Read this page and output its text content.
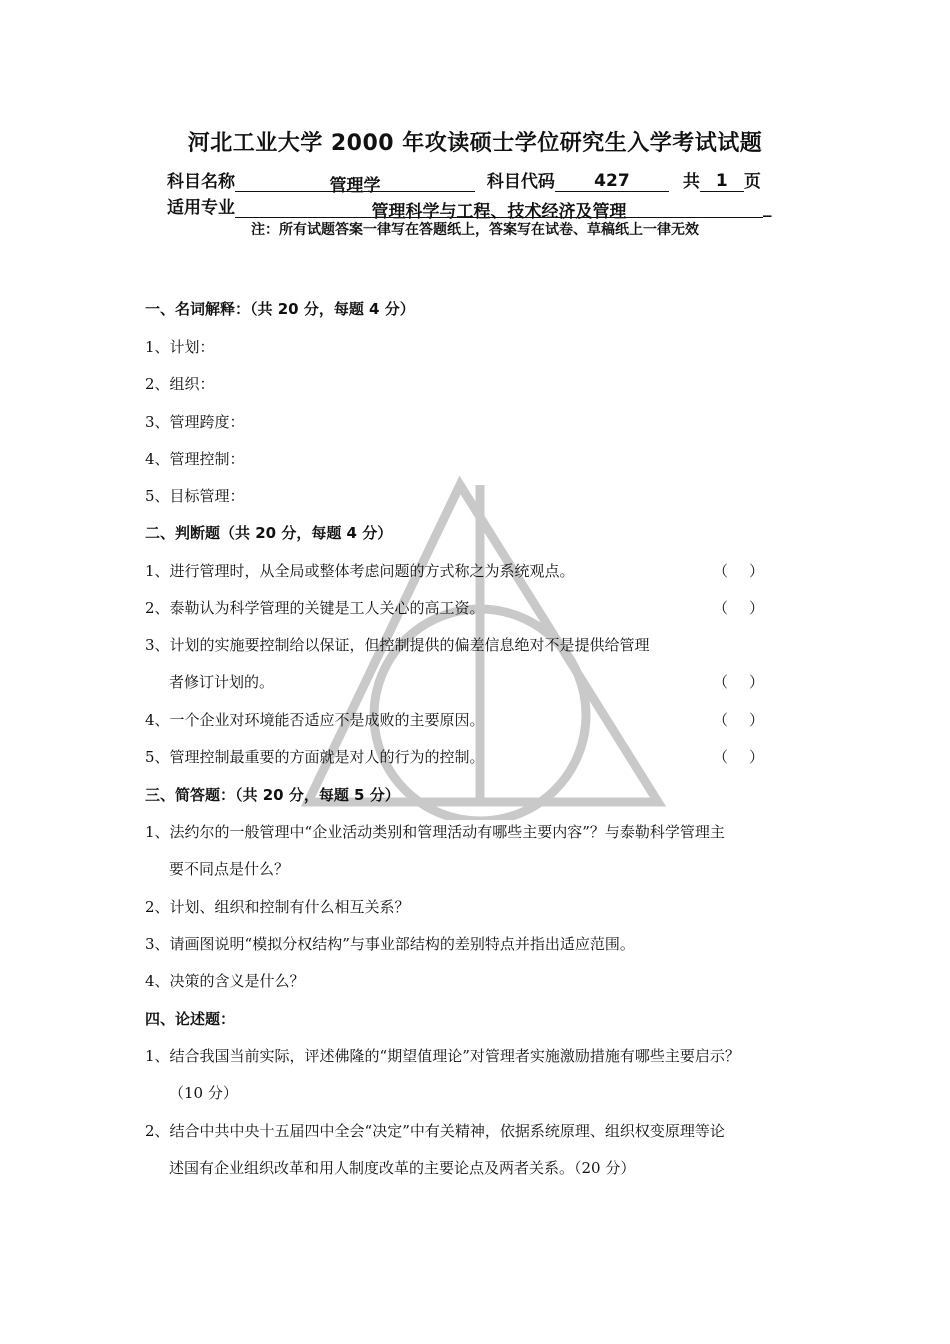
河北工业大学 2000 年攻读硕士学位研究生入学考试试题
科目名称	管理学	科目代码 427	共 1 页
适用专业	管理科学与工程、技术经济及管理	_
注：所有试题答案一律写在答题纸上，答案写在试卷、草稿纸上一律无效
一、名词解释：（共 20 分，每题 4 分）
1、计划：
2、组织：
3、管理跨度：
4、管理控制：
5、目标管理：
二、判断题（共 20 分，每题 4 分）
1、进行管理时，从全局或整体考虑问题的方式称之为系统观点。	（ ）
2、泰勒认为科学管理的关键是工人关心的高工资。	（ ）
3、计划的实施要控制给以保证，但控制提供的偏差信息绝对不是提供给管理
者修订计划的。	（ ）
4、一个企业对环境能否适应不是成败的主要原因。	（ ）
5、管理控制最重要的方面就是对人的行为的控制。	（ ）
三、简答题：（共 20 分，每题 5 分）
1、法约尔的一般管理中“企业活动类别和管理活动有哪些主要内容”？与泰勒科学管理主
要不同点是什么？
2、计划、组织和控制有什么相互关系？
3、请画图说明“模拟分权结构”与事业部结构的差别特点并指出适应范围。
4、决策的含义是什么？
四、论述题：
1、结合我国当前实际，评述佛隆的“期望值理论”对管理者实施激励措施有哪些主要启示？
（10 分）
2、结合中共中央十五届四中全会“决定”中有关精神，依据系统原理、组织权变原理等论
述国有企业组织改革和用人制度改革的主要论点及两者关系。（20 分）
